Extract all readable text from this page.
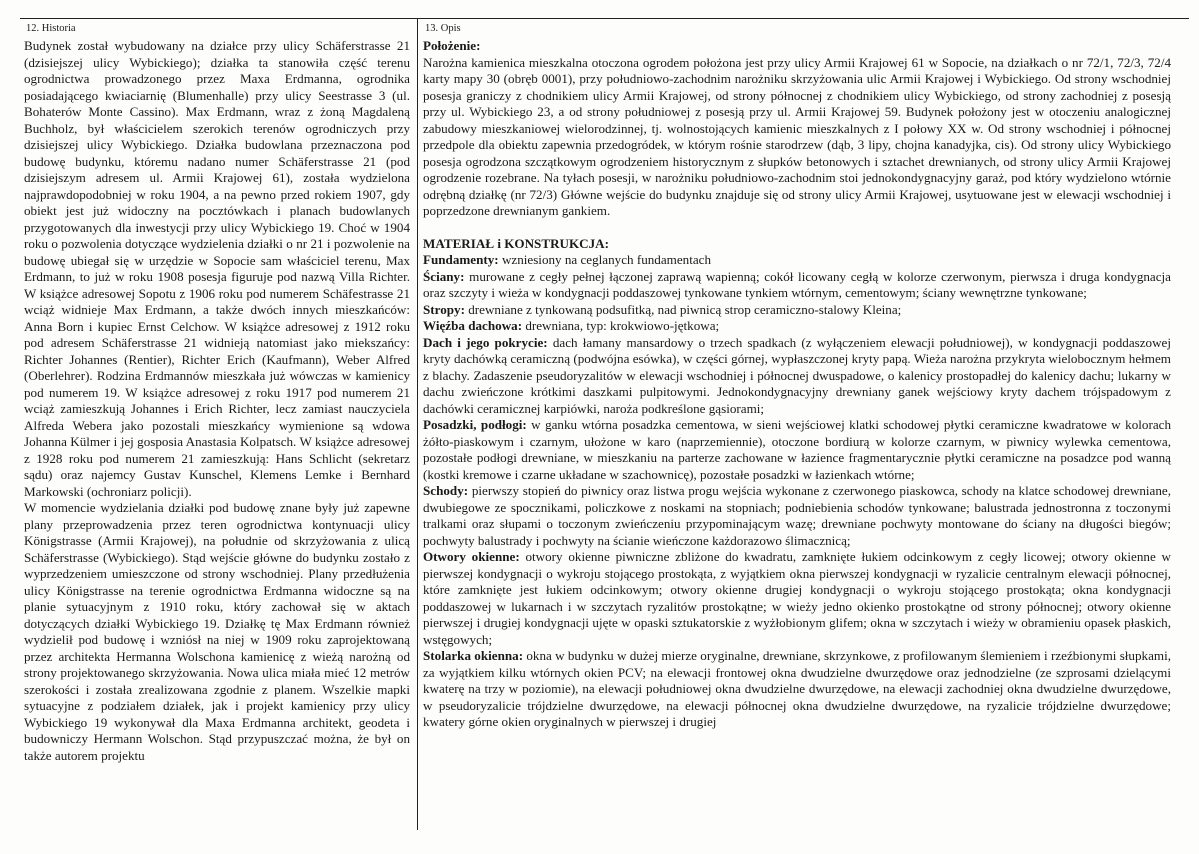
12. Historia

Budynek został wybudowany na działce przy ulicy Schäferstrasse 21 (dzisiejszej ulicy Wybickiego); działka ta stanowiła część terenu ogrodnictwa prowadzonego przez Maxa Erdmanna, ogrodnika posiadającego kwiaciarnię (Blumenhalle) przy ulicy Seestrasse 3 (ul. Bohaterów Monte Cassino). Max Erdmann, wraz z żoną Magdaleną Buchholz, był właścicielem szerokich terenów ogrodniczych przy dzisiejszej ulicy Wybickiego. Działka budowlana przeznaczona pod budowę budynku, któremu nadano numer Schäferstrasse 21 (pod dzisiejszym adresem ul. Armii Krajowej 61), została wydzielona najprawdopodobniej w roku 1904, a na pewno przed rokiem 1907, gdy obiekt jest już widoczny na pocztówkach i planach budowlanych przygotowanych dla inwestycji przy ulicy Wybickiego 19. Choć w 1904 roku o pozwolenia dotyczące wydzielenia działki o nr 21 i pozwolenie na budowę ubiegał się w urzędzie w Sopocie sam właściciel terenu, Max Erdmann, to już w roku 1908 posesja figuruje pod nazwą Villa Richter. W książce adresowej Sopotu z 1906 roku pod numerem Schäfestrasse 21 wciąż widnieje Max Erdmann, a także dwóch innych mieszkańców: Anna Born i kupiec Ernst Celchow. W książce adresowej z 1912 roku pod adresem Schäferstrasse 21 widnieją natomiast jako miekszańcy: Richter Johannes (Rentier), Richter Erich (Kaufmann), Weber Alfred (Oberlehrer). Rodzina Erdmannów mieszkała już wówczas w kamienicy pod numerem 19. W książce adresowej z roku 1917 pod numerem 21 wciąż zamieszkują Johannes i Erich Richter, lecz zamiast nauczyciela Alfreda Webera jako pozostali mieszkańcy wymienione są wdowa Johanna Külmer i jej gosposia Anastasia Kolpatsch. W książce adresowej z 1928 roku pod numerem 21 zamieszkują: Hans Schlicht (sekretarz sądu) oraz najemcy Gustav Kunschel, Klemens Lemke i Bernhard Markowski (ochroniarz policji).

W momencie wydzielania działki pod budowę znane były już zapewne plany przeprowadzenia przez teren ogrodnictwa kontynuacji ulicy Königstrasse (Armii Krajowej), na południe od skrzyżowania z ulicą Schäferstrasse (Wybickiego). Stąd wejście główne do budynku zostało z wyprzedzeniem umieszczone od strony wschodniej. Plany przedłużenia ulicy Königstrasse na terenie ogrodnictwa Erdmanna widoczne są na planie sytuacyjnym z 1910 roku, który zachował się w aktach dotyczących działki Wybickiego 19. Działkę tę Max Erdmann również wydzielił pod budowę i wzniósł na niej w 1909 roku zaprojektowaną przez architekta Hermanna Wolschona kamienicę z wieżą narożną od strony projektowanego skrzyżowania. Nowa ulica miała mieć 12 metrów szerokości i została zrealizowana zgodnie z planem. Wszelkie mapki sytuacyjne z podziałem działek, jak i projekt kamienicy przy ulicy Wybickiego 19 wykonywał dla Maxa Erdmanna architekt, geodeta i budowniczy Hermann Wolschon. Stąd przypuszczać można, że był on także autorem projektu

13. Opis
Położenie:

Narożna kamienica mieszkalna otoczona ogrodem położona jest przy ulicy Armii Krajowej 61 w Sopocie, na działkach o nr 72/1, 72/3, 72/4 karty mapy 30 (obręb 0001), przy południowo-zachodnim narożniku skrzyżowania ulic Armii Krajowej i Wybickiego. Od strony wschodniej posesja graniczy z chodnikiem ulicy Armii Krajowej, od strony północnej z chodnikiem ulicy Wybickiego, od strony zachodniej z posesją przy ul. Wybickiego 23, a od strony południowej z posesją przy ul. Armii Krajowej 59. Budynek położony jest w otoczeniu analogicznej zabudowy mieszkaniowej wielorodzinnej, tj. wolnostojących kamienic mieszkalnych z I połowy XX w. Od strony wschodniej i północnej przedpole dla obiektu zapewnia przedogródek, w którym rośnie starodrzew (dąb, 3 lipy, chojna kanadyjka, cis). Od strony ulicy Wybickiego posesja ogrodzona szczątkowym ogrodzeniem historycznym z słupków betonowych i sztachet drewnianych, od strony ulicy Armii Krajowej ogrodzenie rozebrane. Na tyłach posesji, w narożniku południowo-zachodnim stoi jednokondygnacyjny garaż, pod który wydzielono wtórnie odrębną działkę (nr 72/3) Główne wejście do budynku znajduje się od strony ulicy Armii Krajowej, usytuowane jest w elewacji wschodniej i poprzedzone drewnianym gankiem.

MATERIAŁ i KONSTRUKCJA:

Fundamenty: wzniesiony na ceglanych fundamentach

Ściany: murowane z cegły pełnej łączonej zaprawą wapienną; cokół licowany cegłą w kolorze czerwonym, pierwsza i druga kondygnacja oraz szczyty i wieża w kondygnacji poddaszowej tynkowane tynkiem wtórnym, cementowym; ściany wewnętrzne tynkowane;

Stropy: drewniane z tynkowaną podsufitką, nad piwnicą strop ceramiczno-stalowy Kleina;

Więźba dachowa: drewniana, typ: krokwiowo-jętkowa;

Dach i jego pokrycie: dach łamany mansardowy o trzech spadkach (z wyłączeniem elewacji południowej), w kondygnacji poddaszowej kryty dachówką ceramiczną (podwójna esówka), w części górnej, wypłaszczonej kryty papą. Wieża narożna przykryta wielobocznym hełmem z blachy. Zadaszenie pseudoryzalitów w elewacji wschodniej i północnej dwuspadowe, o kalenicy prostopadłej do kalenicy dachu; lukarny w dachu zwieńczone krótkimi daszkami pulpitowymi. Jednokondygnacyjny drewniany ganek wejściowy kryty dachem trójspadowym z dachówki ceramicznej karpiówki, naroża podkreślone gąsiorami;

Posadzki, podłogi: w ganku wtórna posadzka cementowa, w sieni wejściowej klatki schodowej płytki ceramiczne kwadratowe w kolorach żółto-piaskowym i czarnym, ułożone w karo (naprzemiennie), otoczone bordiurą w kolorze czarnym, w piwnicy wylewka cementowa, pozostałe podłogi drewniane, w mieszkaniu na parterze zachowane w łazience fragmentarycznie płytki ceramiczne na posadzce pod wanną (kostki kremowe i czarne układane w szachownicę), pozostałe posadzki w łazienkach wtórne;

Schody: pierwszy stopień do piwnicy oraz listwa progu wejścia wykonane z czerwonego piaskowca, schody na klatce schodowej drewniane, dwubiegowe ze spocznikami, policzkowe z noskami na stopniach; podniebienia schodów tynkowane; balustrada jednostronna z toczonymi tralkami oraz słupami o toczonym zwieńczeniu przypominającym wazę; drewniane pochwyty montowane do ściany na długości biegów; pochwyty balustrady i pochwyty na ścianie wieńczone każdorazowo ślimacznicą;

Otwory okienne: otwory okienne piwniczne zbliżone do kwadratu, zamknięte łukiem odcinkowym z cegły licowej; otwory okienne w pierwszej kondygnacji o wykroju stojącego prostokąta, z wyjątkiem okna pierwszej kondygnacji w ryzalicie centralnym elewacji północnej, które zamknięte jest łukiem odcinkowym; otwory okienne drugiej kondygnacji o wykroju stojącego prostokąta; okna kondygnacji poddaszowej w lukarnach i w szczytach ryzalitów prostokątne; w wieży jedno okienko prostokątne od strony północnej; otwory okienne pierwszej i drugiej kondygnacji ujęte w opaski sztukatorskie z wyżłobionym glifem; okna w szczytach i wieży w obramieniu opasek płaskich, wstęgowych;

Stolarka okienna: okna w budynku w dużej mierze oryginalne, drewniane, skrzynkowe, z profilowanym ślemieniem i rzeźbionymi słupkami, za wyjątkiem kilku wtórnych okien PCV; na elewacji frontowej okna dwudzielne dwurzędowe oraz jednodzielne (ze szprosami dzielącymi kwaterę na trzy w poziomie), na elewacji południowej okna dwudzielne dwurzędowe, na elewacji zachodniej okna dwudzielne dwurzędowe, w pseudoryzalicie trójdzielne dwurzędowe, na elewacji północnej okna dwudzielne dwurzędowe, na ryzalicie trójdzielne dwurzędowe; kwatery górne okien oryginalnych w pierwszej i drugiej
